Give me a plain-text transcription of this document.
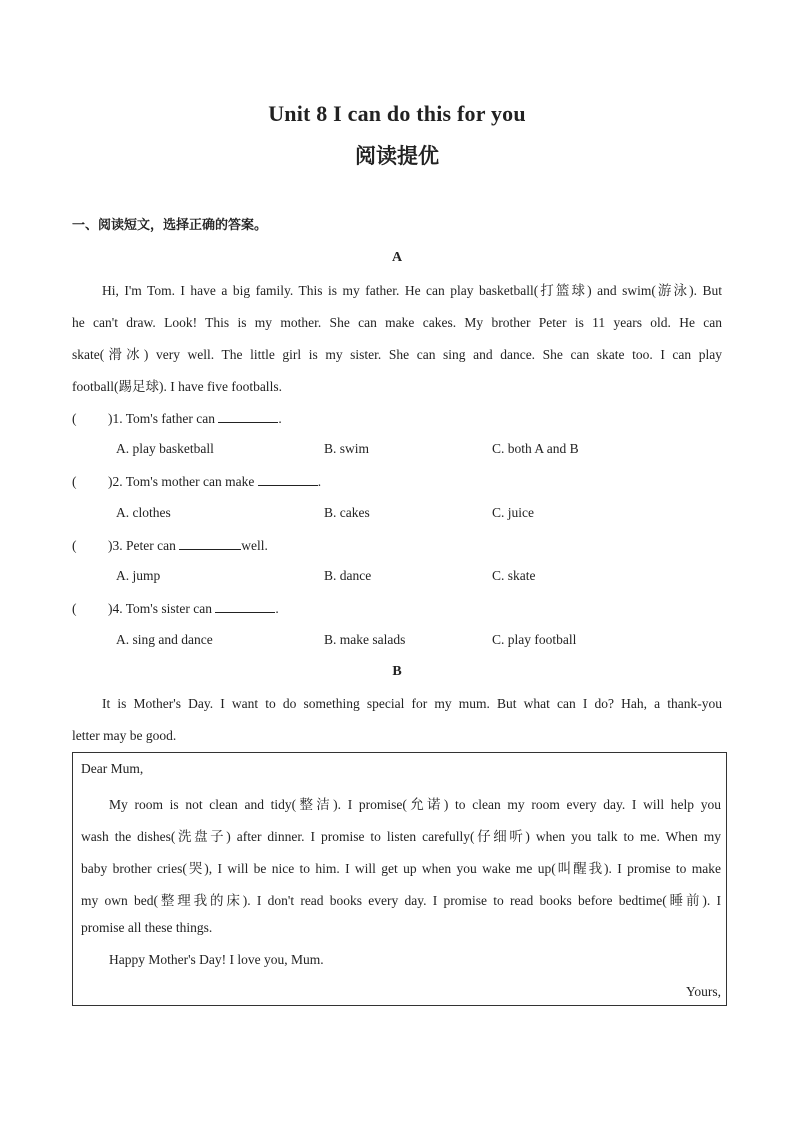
Unit 8 I can do this for you
阅读提优
一、阅读短文，选择正确的答案。
A
Hi, I'm Tom. I have a big family. This is my father. He can play basketball(打篮球) and swim(游泳). But
he can't draw. Look! This is my mother. She can make cakes. My brother Peter is 11 years old. He can
skate(滑冰) very well. The little girl is my sister. She can sing and dance. She can skate too. I can play
football(踢足球). I have five footballs.
( )1. Tom's father can	.
A. play basketball	B. swim	C. both A and B
( )2. Tom's mother can make	.
A. clothes	B. cakes	C. juice
( )3. Peter can	well.
A. jump	B. dance	C. skate
( )4. Tom's sister can	.
A. sing and dance	B. make salads	C. play football
B
It is Mother's Day. I want to do something special for my mum. But what can I do? Hah, a thank-you
letter may be good.
Dear Mum,
My room is not clean and tidy(整洁). I promise(允诺) to clean my room every day. I will help you
wash the dishes(洗盘子) after dinner. I promise to listen carefully(仔细听) when you talk to me. When my
baby brother cries(哭), I will be nice to him. I will get up when you wake me up(叫醒我). I promise to make
my own bed(整理我的床). I don't read books every day. I promise to read books before bedtime(睡前). I
promise all these things.
Happy Mother's Day! I love you, Mum.
Yours,
